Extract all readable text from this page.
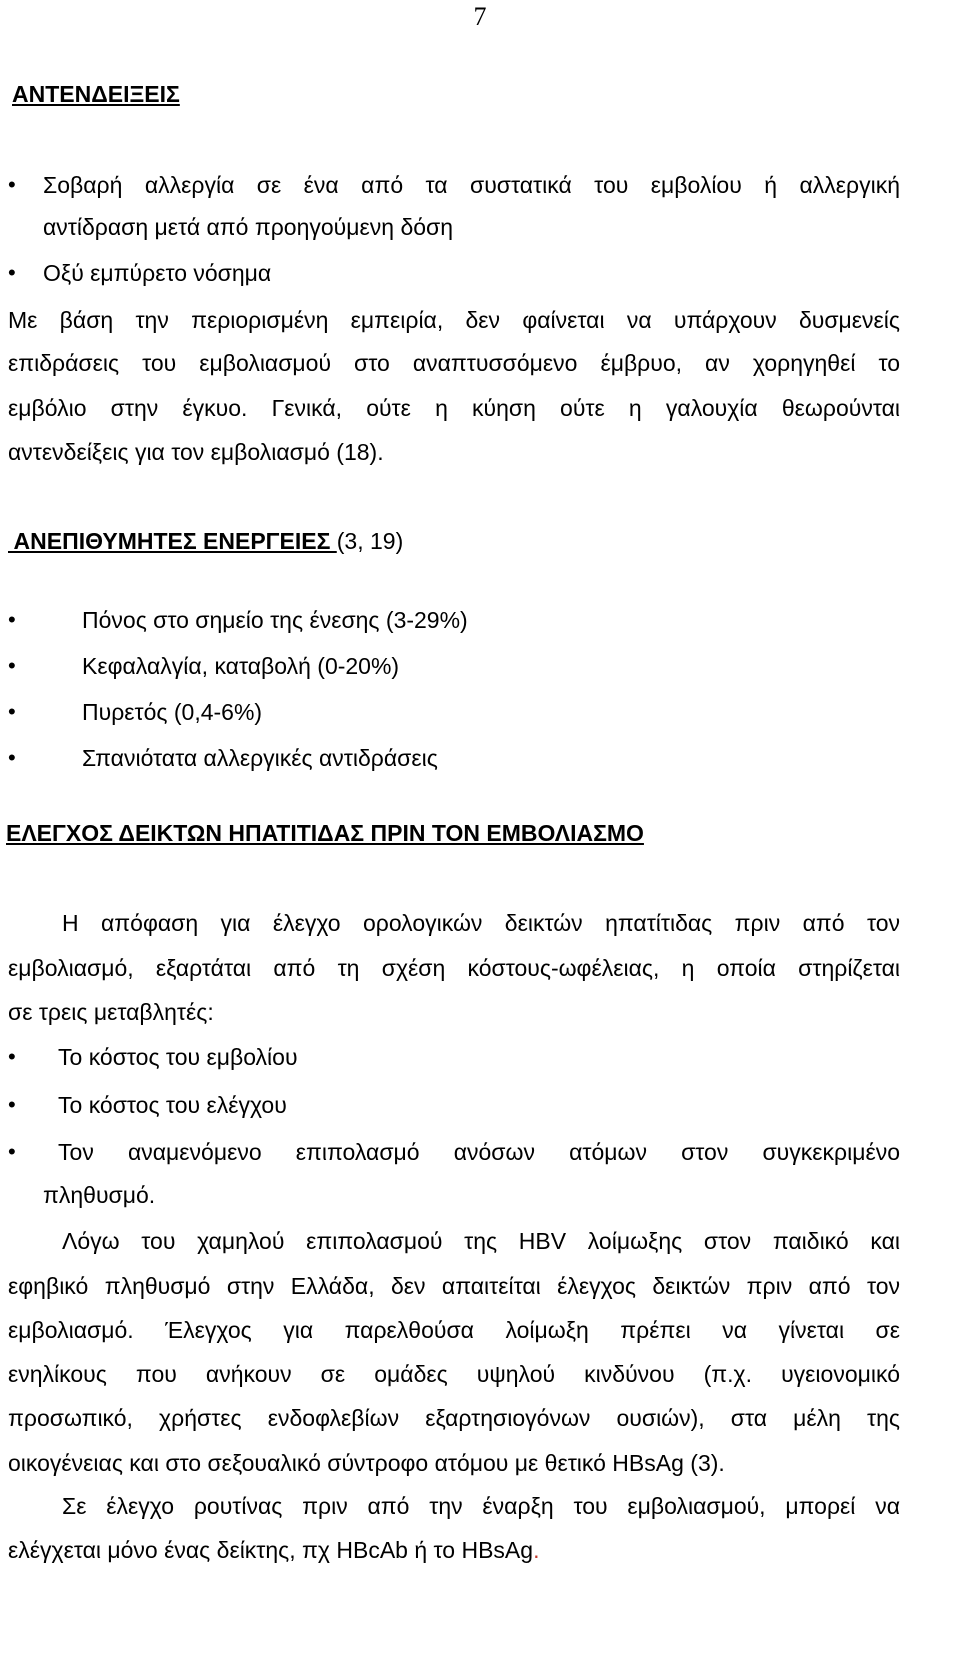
7
ΑΝΤΕΝΔΕΙΞΕΙΣ
• Σοβαρή αλλεργία σε ένα από τα συστατικά του εμβολίου ή αλλεργική
αντίδραση μετά από προηγούμενη δόση
• Οξύ εμπύρετο νόσημα
Με βάση την περιορισμένη εμπειρία, δεν φαίνεται να υπάρχουν δυσμενείς
επιδράσεις του εμβολιασμού στο αναπτυσσόμενο έμβρυο, αν χορηγηθεί το
εμβόλιο στην έγκυο. Γενικά, ούτε η κύηση ούτε η γαλουχία θεωρούνται
αντενδείξεις για τον εμβολιασμό (18).
ΑΝΕΠΙΘΥΜΗΤΕΣ ΕΝΕΡΓΕΙΕΣ (3, 19)
•	Πόνος στο σημείο της ένεσης (3-29%)
•	Κεφαλαλγία, καταβολή (0-20%)
•	Πυρετός (0,4-6%)
•	Σπανιότατα αλλεργικές αντιδράσεις
ΕΛΕΓΧΟΣ ΔΕΙΚΤΩΝ ΗΠΑΤΙΤΙΔΑΣ ΠΡΙΝ ΤΟΝ ΕΜΒΟΛΙΑΣΜΟ
Η απόφαση για έλεγχο ορολογικών δεικτών ηπατίτιδας πριν από τον
εμβολιασμό, εξαρτάται από τη σχέση κόστους-ωφέλειας, η οποία στηρίζεται
σε τρεις μεταβλητές:
• Το κόστος του εμβολίου
• Το κόστος του ελέγχου
• Τον αναμενόμενο επιπολασμό ανόσων ατόμων στον συγκεκριμένο
πληθυσμό.
Λόγω του χαμηλού επιπολασμού της HBV λοίμωξης στον παιδικό και
εφηβικό πληθυσμό στην Ελλάδα, δεν απαιτείται έλεγχος δεικτών πριν από τον
εμβολιασμό. Έλεγχος για παρελθούσα λοίμωξη πρέπει να γίνεται σε
ενηλίκους που ανήκουν σε ομάδες υψηλού κινδύνου (π.χ. υγειονομικό
προσωπικό, χρήστες ενδοφλεβίων εξαρτησιογόνων ουσιών), στα μέλη της
οικογένειας και στο σεξουαλικό σύντροφο ατόμου με θετικό HBsAg (3).
Σε έλεγχο ρουτίνας πριν από την έναρξη του εμβολιασμού, μπορεί να
ελέγχεται μόνο ένας δείκτης, πχ HBcAb ή το HBsAg.
